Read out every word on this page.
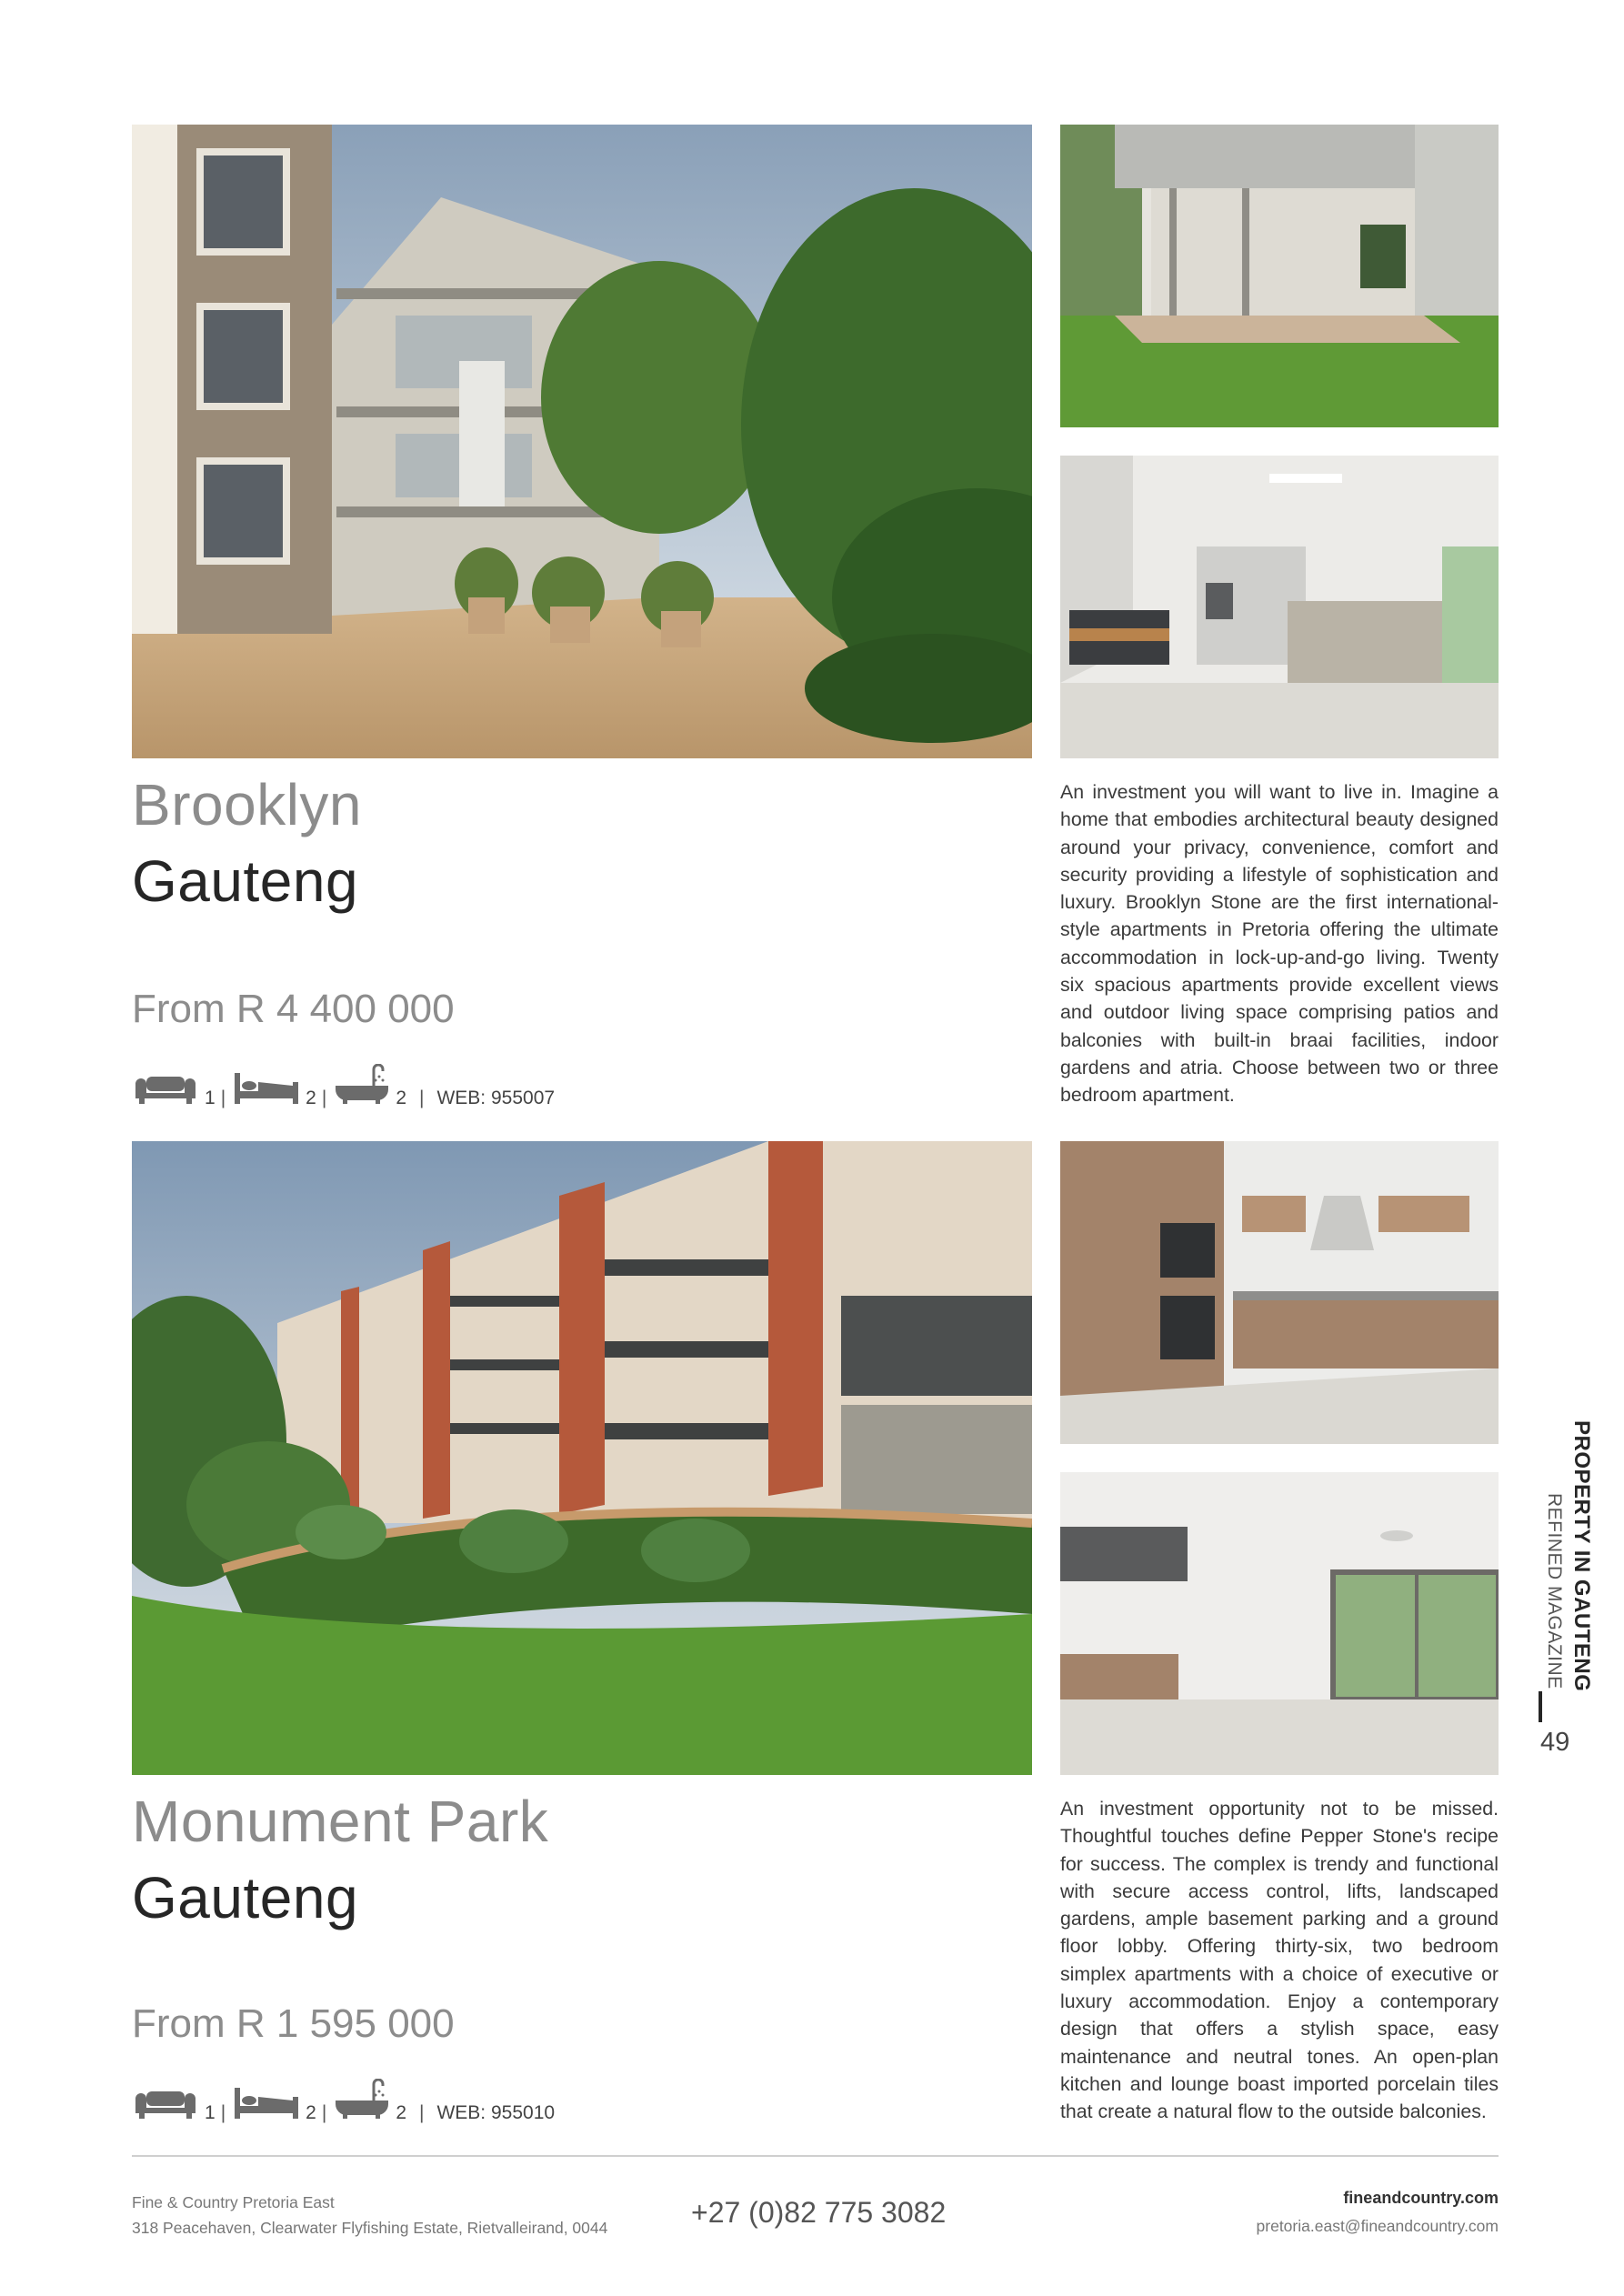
Brooklyn
Gauteng
From R 4 400 000
1 |	2 |	2 | WEB: 955007
An investment you will want to live in. Imagine a home that embodies architectural beauty designed around your privacy, convenience, comfort and security providing a lifestyle of sophistication and luxury. Brooklyn Stone are the first international-style apartments in Pretoria offering the ultimate accommodation in lock-up-and-go living. Twenty six spacious apartments provide excellent views and outdoor living space comprising patios and balconies with built-in braai facilities, indoor gardens and atria. Choose between two or three bedroom apartment.
Monument Park
Gauteng
From R 1 595 000
1 |	2 |	2 | WEB: 955010
An investment opportunity not to be missed. Thoughtful touches define Pepper Stone's recipe for success. The complex is trendy and functional with secure access control, lifts, landscaped gardens, ample basement parking and a ground floor lobby. Offering thirty-six, two bedroom simplex apartments with a choice of executive or luxury accommodation. Enjoy a contemporary design that offers a stylish space, easy maintenance and neutral tones. An open-plan kitchen and lounge boast imported porcelain tiles that create a natural flow to the outside balconies.
PROPERTY IN GAUTENG
REFINED MAGAZINE
49
Fine & Country Pretoria East
318 Peacehaven, Clearwater Flyfishing Estate, Rietvalleirand, 0044	+27 (0)82 775 3082	fineandcountry.com
pretoria.east@fineandcountry.com
